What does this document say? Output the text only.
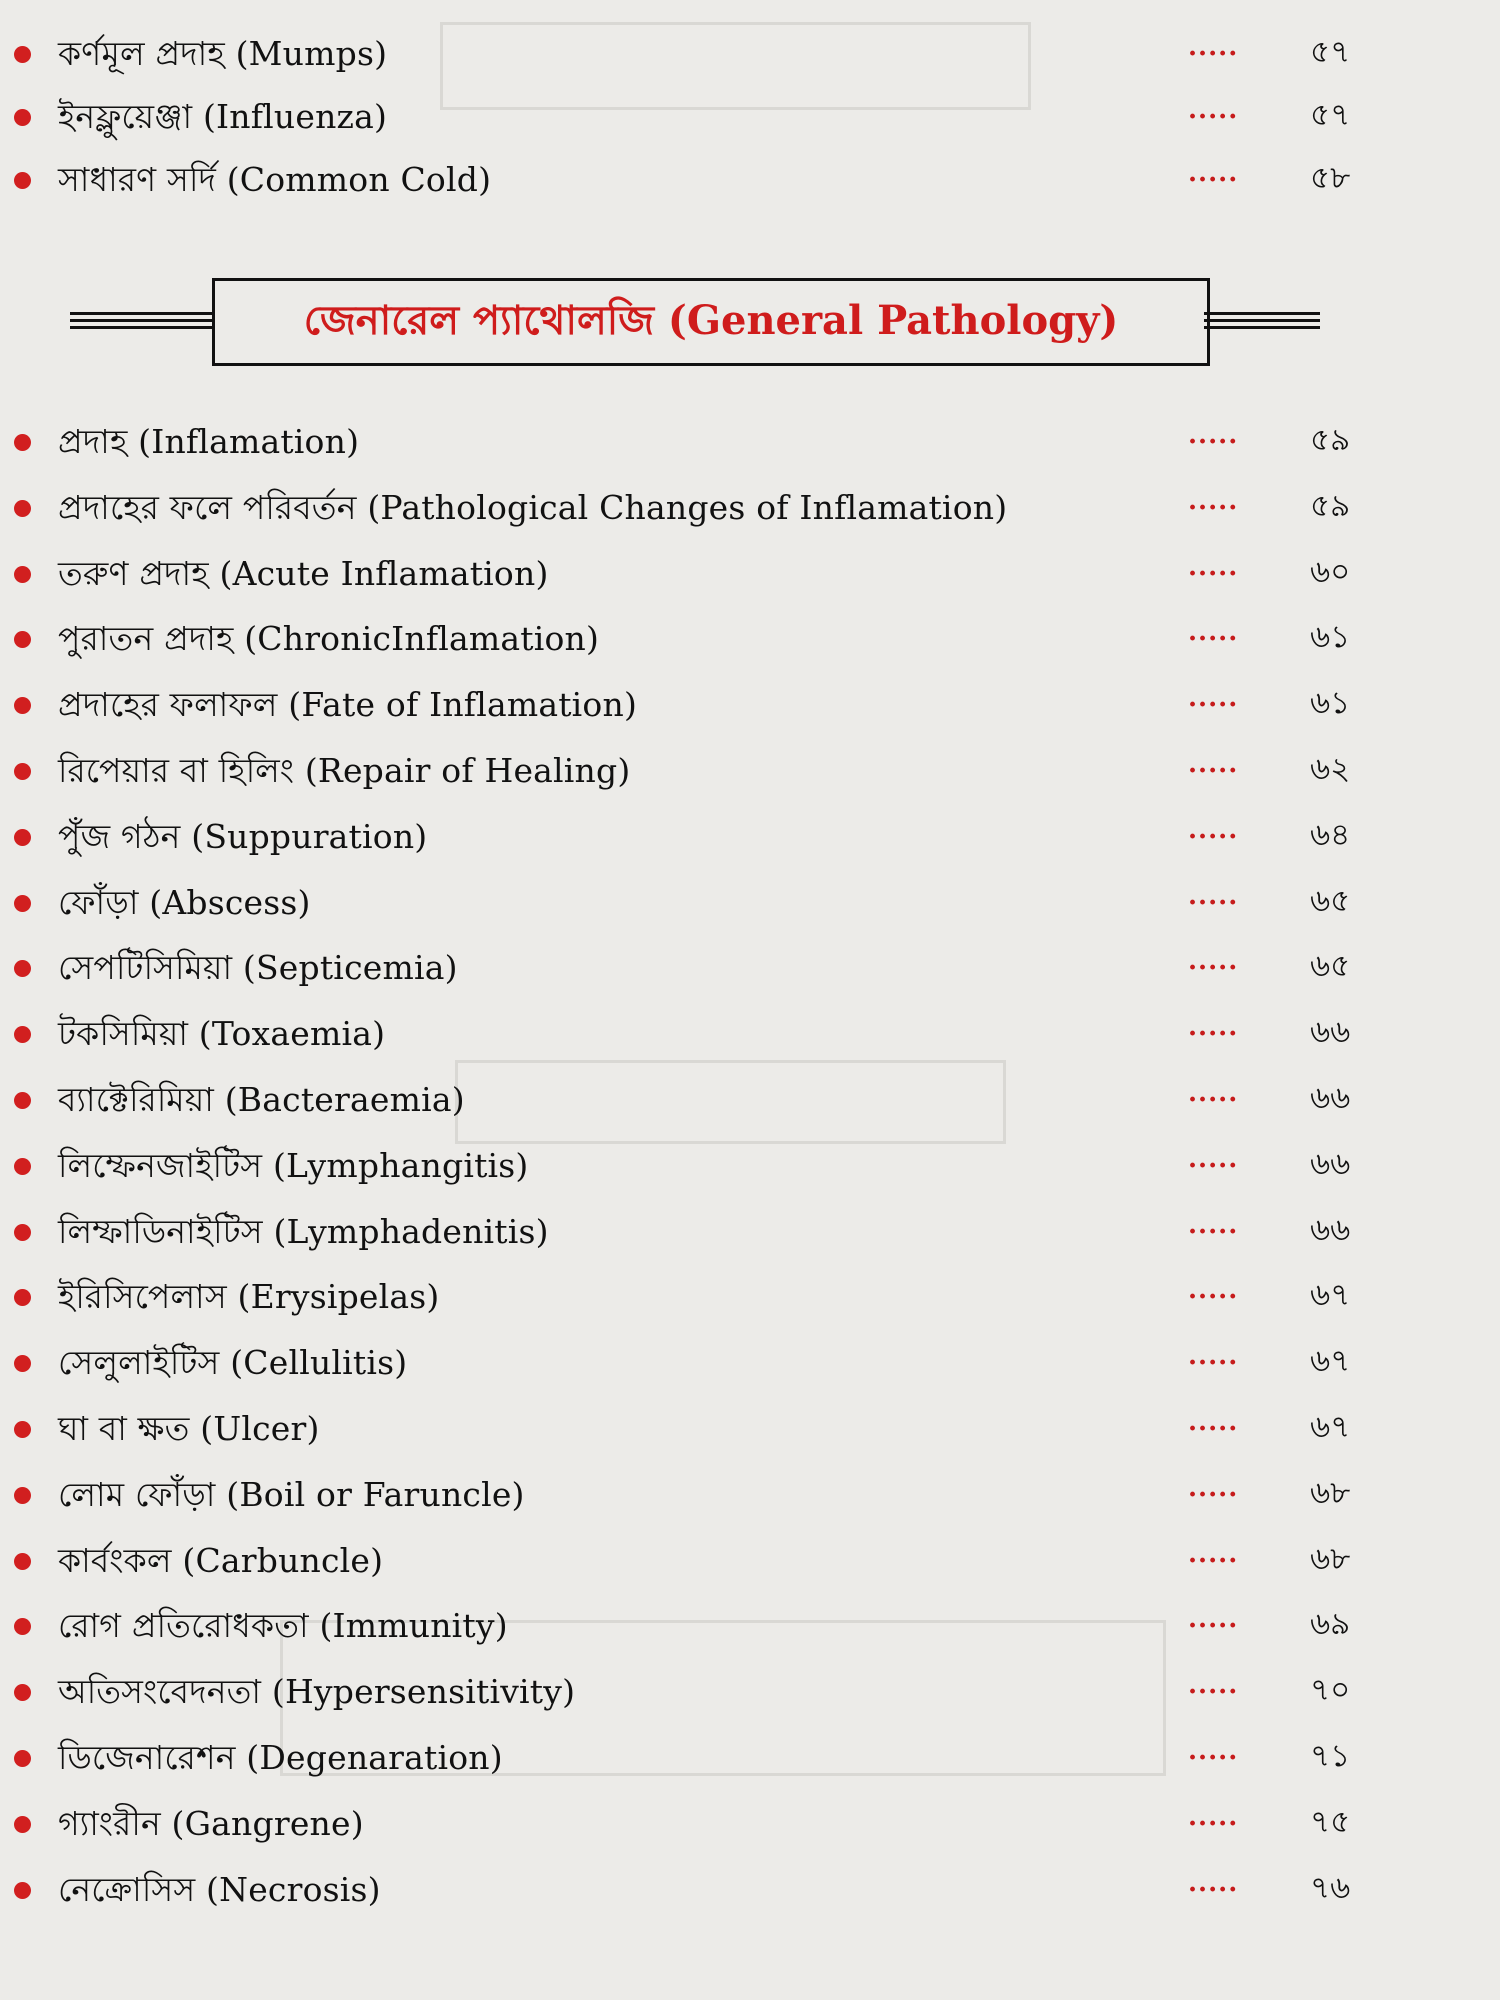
কর্ণমূল প্রদাহ (Mumps)	..... ৫৭
ইনফ্লুয়েঞ্জা (Influenza)	..... ৫৭
সাধারণ সর্দি (Common Cold)	..... ৫৮
জেনারেল প্যাথোলজি (General Pathology)
প্রদাহ (Inflamation)	..... ৫৯
প্রদাহের ফলে পরিবর্তন (Pathological Changes of Inflamation)	..... ৫৯
তরুণ প্রদাহ (Acute Inflamation)	..... ৬০
পুরাতন প্রদাহ (ChronicInflamation)	..... ৬১
প্রদাহের ফলাফল (Fate of Inflamation)	..... ৬১
রিপেয়ার বা হিলিং (Repair of Healing)	..... ৬২
পুঁজ গঠন (Suppuration)	..... ৬৪
ফোঁড়া (Abscess)	..... ৬৫
সেপটিসিমিয়া (Septicemia)	..... ৬৫
টকসিমিয়া (Toxaemia)	..... ৬৬
ব্যাক্টেরিমিয়া (Bacteraemia)	..... ৬৬
লিম্ফেনজাইটিস (Lymphangitis)	..... ৬৬
লিম্ফাডিনাইটিস (Lymphadenitis)	..... ৬৬
ইরিসিপেলাস (Erysipelas)	..... ৬৭
সেলুলাইটিস (Cellulitis)	..... ৬৭
ঘা বা ক্ষত (Ulcer)	..... ৬৭
লোম ফোঁড়া (Boil or Faruncle)	..... ৬৮
কার্বংকল (Carbuncle)	..... ৬৮
রোগ প্রতিরোধকতা (Immunity)	..... ৬৯
অতিসংবেদনতা (Hypersensitivity)	..... ৭০
ডিজেনারেশন (Degenaration)	..... ৭১
গ্যাংরীন (Gangrene)	..... ৭৫
নেক্রোসিস (Necrosis)	..... ৭৬
